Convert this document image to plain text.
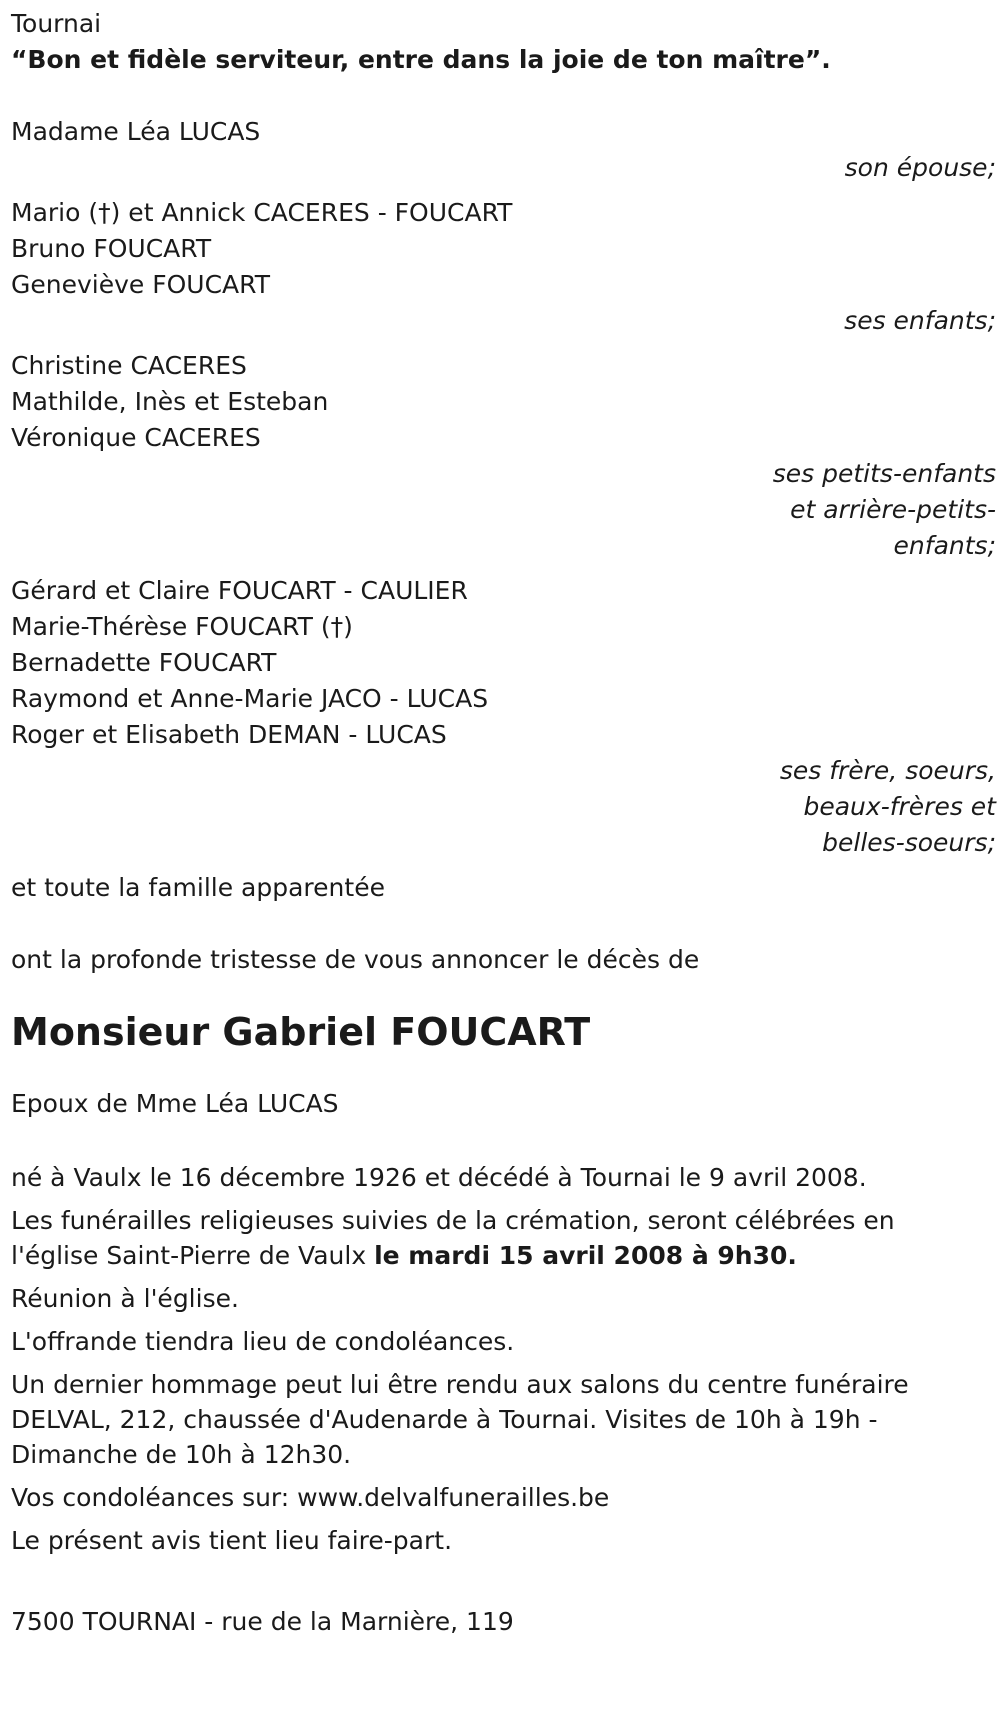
Tournai

“Bon et fidèle serviteur, entre dans la joie de ton maître”.

Madame Léa LUCAS

son épouse;

Mario (†) et Annick CACERES - FOUCART

Bruno FOUCART

Geneviève FOUCART

ses enfants;

Christine CACERES

Mathilde, Inès et Esteban

Véronique CACERES

ses petits-enfants

et arrière-petits-

enfants;

Gérard et Claire FOUCART - CAULIER

Marie-Thérèse FOUCART (†)

Bernadette FOUCART

Raymond et Anne-Marie JACO - LUCAS

Roger et Elisabeth DEMAN - LUCAS

ses frère, soeurs,

beaux-frères et

belles-soeurs;

et toute la famille apparentée

ont la profonde tristesse de vous annoncer le décès de

Monsieur Gabriel FOUCART

Epoux de Mme Léa LUCAS

né à Vaulx le 16 décembre 1926 et décédé à Tournai le 9 avril 2008.

Les funérailles religieuses suivies de la crémation, seront célébrées en
l'église Saint-Pierre de Vaulx le mardi 15 avril 2008 à 9h30.

Réunion à l'église.

L'offrande tiendra lieu de condoléances.

Un dernier hommage peut lui être rendu aux salons du centre funéraire
DELVAL, 212, chaussée d'Audenarde à Tournai. Visites de 10h à 19h -
Dimanche de 10h à 12h30.

Vos condoléances sur: www.delvalfunerailles.be

Le présent avis tient lieu faire-part.

7500 TOURNAI - rue de la Marnière, 119
